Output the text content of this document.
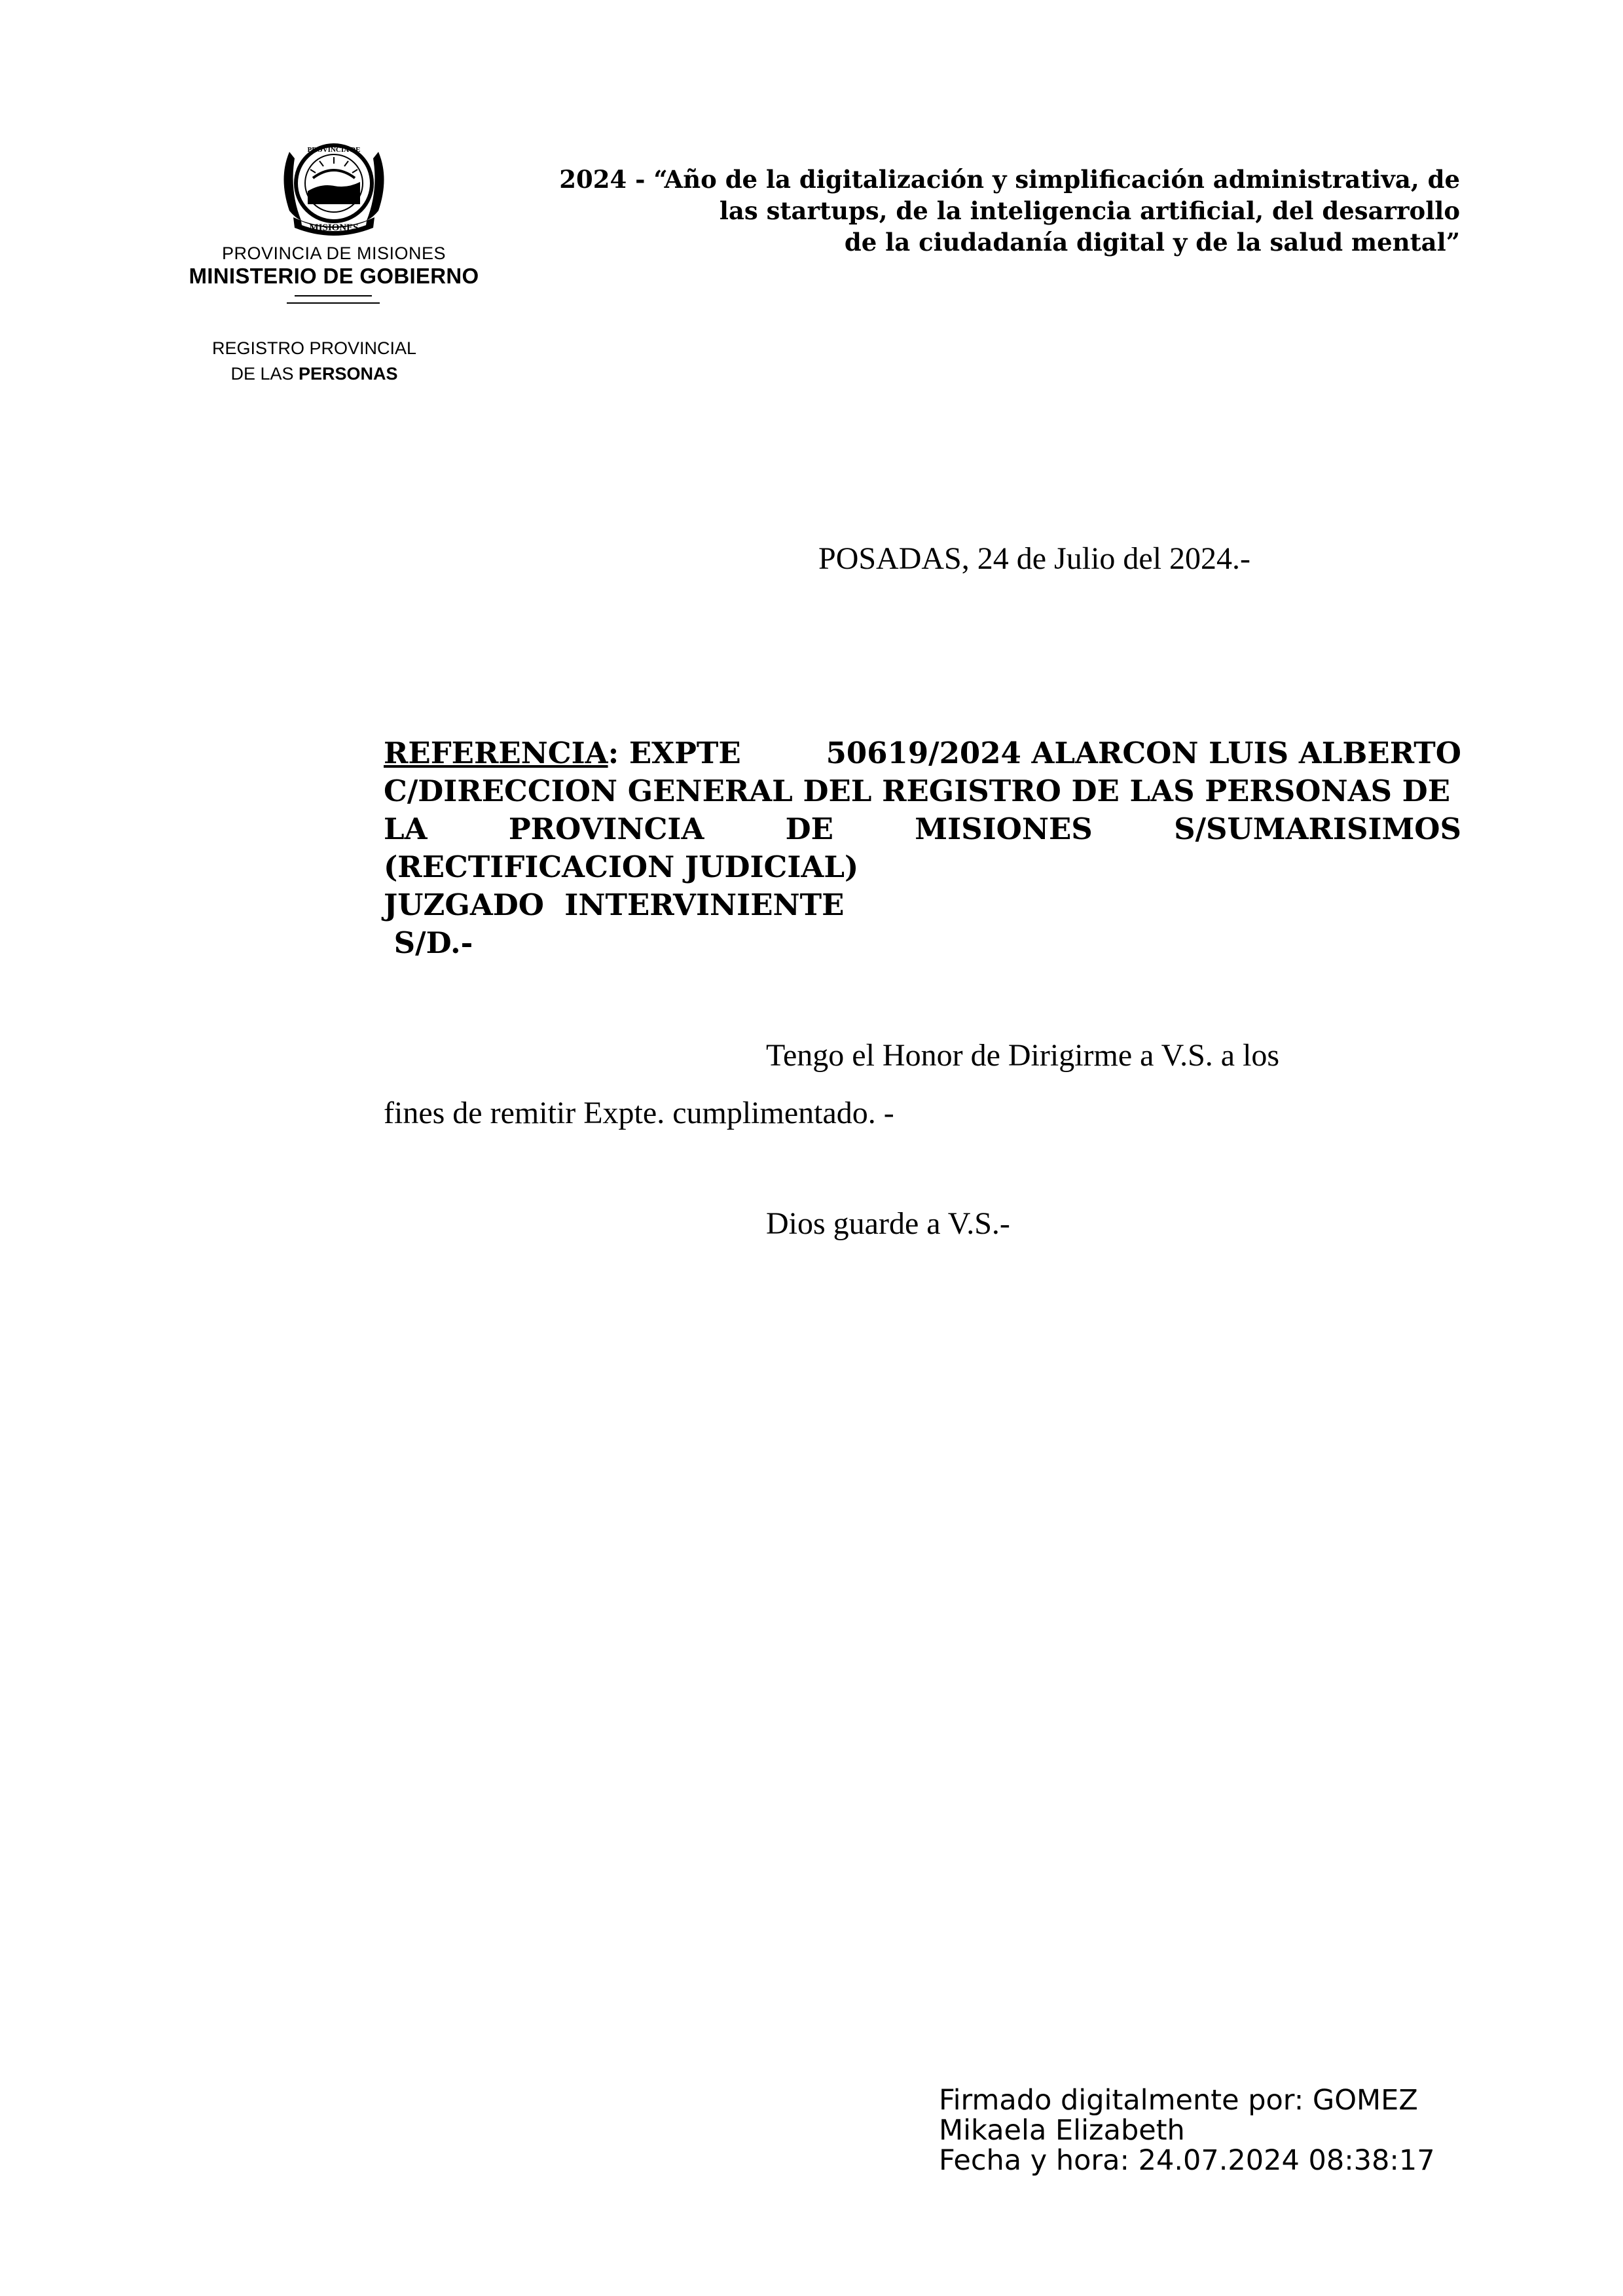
MISIONES
PROVINCIA DE
PROVINCIA DE MISIONES
MINISTERIO DE GOBIERNO
REGISTRO PROVINCIAL
DE LAS PERSONAS
2024 - “Año de la digitalización y simplificación administrativa, de
las startups, de la inteligencia artificial, del desarrollo
de la ciudadanía digital y de la salud mental”
POSADAS, 24 de Julio del 2024.-
REFERENCIA: EXPTE	50619/2024 ALARCON LUIS ALBERTO
C/DIRECCION GENERAL DEL REGISTRO DE LAS PERSONAS DE
LA	PROVINCIA	DE	MISIONES	S/SUMARISIMOS
(RECTIFICACION JUDICIAL)
JUZGADO  INTERVINIENTE
S/D.-
Tengo el Honor de Dirigirme a V.S. a los
fines de remitir Expte. cumplimentado. -
Dios guarde a V.S.-
Firmado digitalmente por: GOMEZ
Mikaela Elizabeth
Fecha y hora: 24.07.2024 08:38:17
